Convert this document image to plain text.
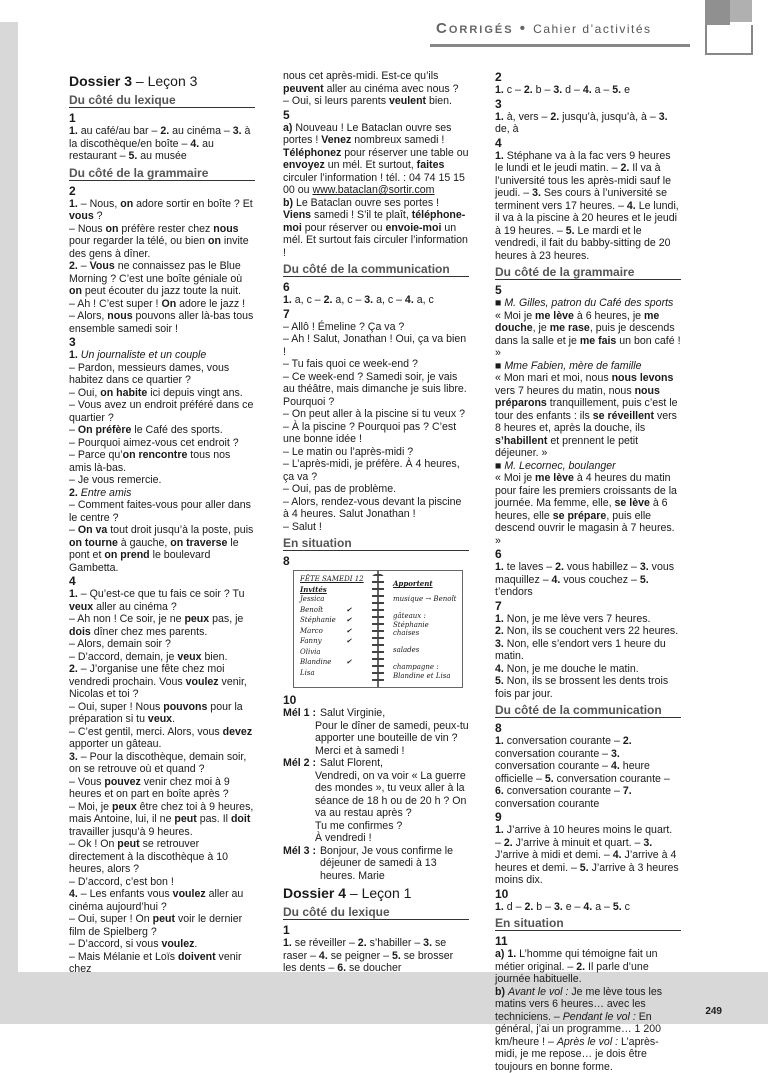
Corrigés • Cahier d’activités
249
Dossier 3 – Leçon 3
Du côté du lexique
1
1. au café/au bar – 2. au cinéma – 3. à la discothèque/en boîte – 4. au restaurant – 5. au musée
Du côté de la grammaire
2
1. – Nous, on adore sortir en boîte ? Et vous ?
– Nous on préfère rester chez nous pour regarder la télé, ou bien on invite des gens à dîner.
2. – Vous ne connaissez pas le Blue Morning ? C’est une boîte géniale où on peut écouter du jazz toute la nuit.
– Ah ! C’est super ! On adore le jazz !
– Alors, nous pouvons aller là-bas tous ensemble samedi soir !
3
1. Un journaliste et un couple
– Pardon, messieurs dames, vous habitez dans ce quartier ?
– Oui, on habite ici depuis vingt ans.
– Vous avez un endroit préféré dans ce quartier ?
– On préfère le Café des sports.
– Pourquoi aimez-vous cet endroit ?
– Parce qu’on rencontre tous nos amis là-bas.
– Je vous remercie.
2. Entre amis
– Comment faites-vous pour aller dans le centre ?
– On va tout droit jusqu’à la poste, puis on tourne à gauche, on traverse le pont et on prend le boulevard Gambetta.
4
1. – Qu’est-ce que tu fais ce soir ? Tu veux aller au cinéma ?
– Ah non ! Ce soir, je ne peux pas, je dois dîner chez mes parents.
– Alors, demain soir ?
– D’accord, demain, je veux bien.
2. – J’organise une fête chez moi vendredi prochain. Vous voulez venir, Nicolas et toi ?
– Oui, super ! Nous pouvons pour la préparation si tu veux.
– C’est gentil, merci. Alors, vous devez apporter un gâteau.
3. – Pour la discothèque, demain soir, on se retrouve où et quand ?
– Vous pouvez venir chez moi à 9 heures et on part en boîte après ?
– Moi, je peux être chez toi à 9 heures, mais Antoine, lui, il ne peut pas. Il doit travailler jusqu’à 9 heures.
– Ok ! On peut se retrouver directement à la discothèque à 10 heures, alors ?
– D’accord, c’est bon !
4. – Les enfants vous voulez aller au cinéma aujourd’hui ?
– Oui, super ! On peut voir le dernier film de Spielberg ?
– D’accord, si vous voulez.
– Mais Mélanie et Loïs doivent venir chez
nous cet après-midi. Est-ce qu’ils peuvent aller au cinéma avec nous ?
– Oui, si leurs parents veulent bien.
5
a) Nouveau ! Le Bataclan ouvre ses portes ! Venez nombreux samedi ! Téléphonez pour réserver une table ou envoyez un mél. Et surtout, faites circuler l’information ! tél. : 04 74 15 15 00 ou www.bataclan@sortir.com
b) Le Bataclan ouvre ses portes ! Viens samedi ! S’il te plaît, téléphone-moi pour réserver ou envoie-moi un mél. Et surtout fais circuler l’information !
Du côté de la communication
6
1. a, c – 2. a, c – 3. a, c – 4. a, c
7
– Allô ! Émeline ? Ça va ?
– Ah ! Salut, Jonathan ! Oui, ça va bien !
– Tu fais quoi ce week-end ?
– Ce week-end ? Samedi soir, je vais au théâtre, mais dimanche je suis libre. Pourquoi ?
– On peut aller à la piscine si tu veux ?
– À la piscine ? Pourquoi pas ? C’est une bonne idée !
– Le matin ou l’après-midi ?
– L’après-midi, je préfère. À 4 heures, ça va ?
– Oui, pas de problème.
– Alors, rendez-vous devant la piscine à 4 heures. Salut Jonathan !
– Salut !
En situation
8
FÊTE SAMEDI 12
Invités
Jessica
Benoît
Stéphanie
Marco
Fanny
Olivia
Blandine
Lisa
✔
✔
✔
✔
✔
Apportent
musique → Benoît
gâteaux : Stéphanie
chaises
salades
champagne : Blandine et Lisa
10
Mél 1 : Salut Virginie,
Pour le dîner de samedi, peux-tu apporter une bouteille de vin ?
Merci et à samedi !
Mél 2 : Salut Florent,
Vendredi, on va voir « La guerre des mondes », tu veux aller à la séance de 18 h ou de 20 h ? On va au restau après ?
Tu me confirmes ?
À vendredi !
Mél 3 : Bonjour, Je vous confirme le déjeuner de samedi à 13 heures. Marie
Dossier 4 – Leçon 1
Du côté du lexique
1
1. se réveiller – 2. s’habiller – 3. se raser – 4. se peigner – 5. se brosser les dents – 6. se doucher
2
1. c – 2. b – 3. d – 4. a – 5. e
3
1. à, vers – 2. jusqu’à, jusqu’à, à – 3. de, à
4
1. Stéphane va à la fac vers 9 heures le lundi et le jeudi matin. – 2. Il va à l’université tous les après-midi sauf le jeudi. – 3. Ses cours à l’université se terminent vers 17 heures. – 4. Le lundi, il va à la piscine à 20 heures et le jeudi à 19 heures. – 5. Le mardi et le vendredi, il fait du babby-sitting de 20 heures à 23 heures.
Du côté de la grammaire
5
■ M. Gilles, patron du Café des sports
« Moi je me lève à 6 heures, je me douche, je me rase, puis je descends dans la salle et je me fais un bon café ! »
■ Mme Fabien, mère de famille
« Mon mari et moi, nous nous levons vers 7 heures du matin, nous nous préparons tranquillement, puis c’est le tour des enfants : ils se réveillent vers 8 heures et, après la douche, ils s’habillent et prennent le petit déjeuner. »
■ M. Lecornec, boulanger
« Moi je me lève à 4 heures du matin pour faire les premiers croissants de la journée. Ma femme, elle, se lève à 6 heures, elle se prépare, puis elle descend ouvrir le magasin à 7 heures. »
6
1. te laves – 2. vous habillez – 3. vous maquillez – 4. vous couchez – 5. t’endors
7
1. Non, je me lève vers 7 heures.
2. Non, ils se couchent vers 22 heures.
3. Non, elle s’endort vers 1 heure du matin.
4. Non, je me douche le matin.
5. Non, ils se brossent les dents trois fois par jour.
Du côté de la communication
8
1. conversation courante – 2. conversation courante – 3. conversation courante – 4. heure officielle – 5. conversation courante – 6. conversation courante – 7. conversation courante
9
1. J’arrive à 10 heures moins le quart. – 2. J’arrive à minuit et quart. – 3. J’arrive à midi et demi. – 4. J’arrive à 4 heures et demi. – 5. J’arrive à 3 heures moins dix.
10
1. d – 2. b – 3. e – 4. a – 5. c
En situation
11
a) 1. L’homme qui témoigne fait un métier original. – 2. Il parle d’une journée habituelle.
b) Avant le vol : Je me lève tous les matins vers 6 heures… avec les techniciens. – Pendant le vol : En général, j’ai un programme… 1 200 km/heure ! – Après le vol : L’après-midi, je me repose… je dois être toujours en bonne forme.
